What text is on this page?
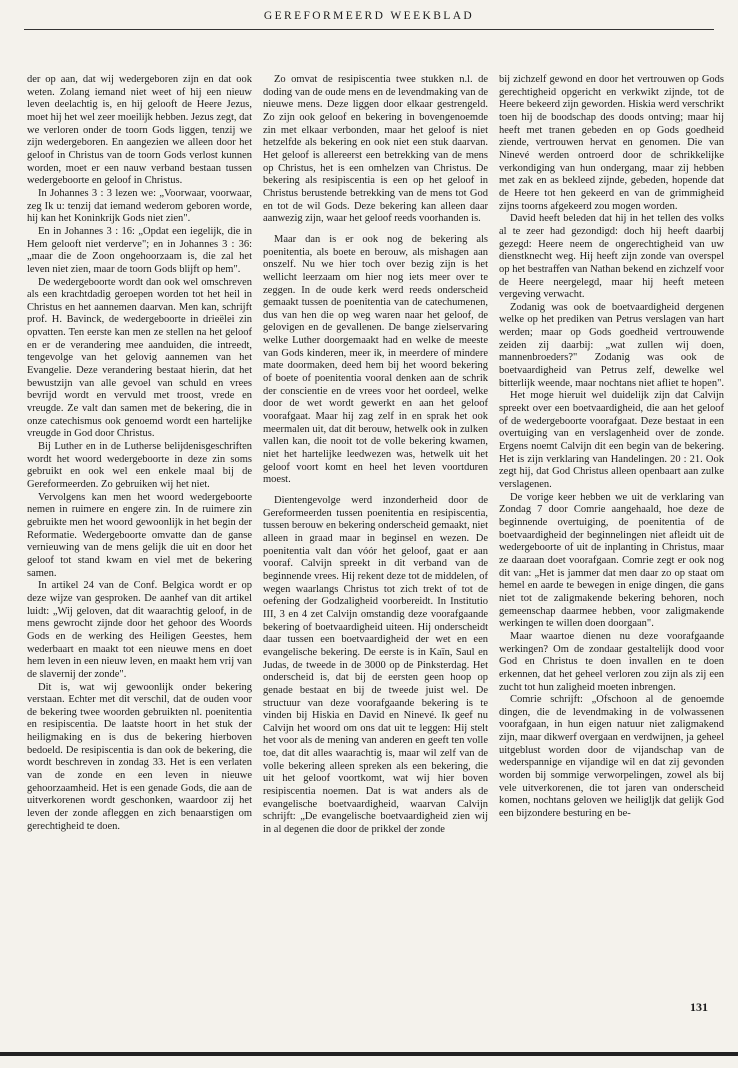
GEREFORMEERD WEEKBLAD

der op aan, dat wij wedergeboren zijn en dat ook weten. Zolang iemand niet weet of hij een nieuw leven deelachtig is, en hij gelooft de Heere Jezus, moet hij het wel zeer moeilijk hebben. Jezus zegt, dat we verloren onder de toorn Gods liggen, tenzij we zijn wedergeboren. En aangezien we alleen door het geloof in Christus van de toorn Gods verlost kunnen worden, moet er een nauw verband bestaan tussen wedergeboorte en geloof in Christus.

In Johannes 3 : 3 lezen we: „Voorwaar, voorwaar, zeg Ik u: tenzij dat iemand wederom geboren worde, hij kan het Koninkrijk Gods niet zien".

En in Johannes 3 : 16: „Opdat een iegelijk, die in Hem gelooft niet verderve"; en in Johannes 3 : 36: „maar die de Zoon ongehoorzaam is, die zal het leven niet zien, maar de toorn Gods blijft op hem".

De wedergeboorte wordt dan ook wel omschreven als een krachtdadig geroepen worden tot het heil in Christus en het aannemen daarvan. Men kan, schrijft prof. H. Bavinck, de wedergeboorte in drieëlei zin opvatten. Ten eerste kan men ze stellen na het geloof en er de verandering mee aanduiden, die intreedt, tengevolge van het gelovig aannemen van het Evangelie. Deze verandering bestaat hierin, dat het bewustzijn van alle gevoel van schuld en vrees bevrijd wordt en vervuld met troost, vrede en vreugde. Ze valt dan samen met de bekering, die in onze catechismus ook genoemd wordt een hartelijke vreugde in God door Christus.

Bij Luther en in de Lutherse belijdenisgeschriften wordt het woord wedergeboorte in deze zin soms gebruikt en ook wel een enkele maal bij de Gereformeerden. Zo gebruiken wij het niet.

Vervolgens kan men het woord wedergeboorte nemen in ruimere en engere zin. In de ruimere zin gebruikte men het woord gewoonlijk in het begin der Reformatie. Wedergeboorte omvatte dan de ganse vernieuwing van de mens gelijk die uit en door het geloof tot stand kwam en viel met de bekering samen.

In artikel 24 van de Conf. Belgica wordt er op deze wijze van gesproken. De aanhef van dit artikel luidt: „Wij geloven, dat dit waarachtig geloof, in de mens gewrocht zijnde door het gehoor des Woords Gods en de werking des Heiligen Geestes, hem wederbaart en maakt tot een nieuwe mens en doet hem leven in een nieuw leven, en maakt hem vrij van de slavernij der zonde".

Dit is, wat wij gewoonlijk onder bekering verstaan. Echter met dit verschil, dat de ouden voor de bekering twee woorden gebruikten nl. poenitentia en resipiscentia. De laatste hoort in het stuk der heiligmaking en is dus de bekering hierboven bedoeld. De resipiscentia is dan ook de bekering, die wordt beschreven in zondag 33. Het is een verlaten van de zonde en een leven in nieuwe gehoorzaamheid. Het is een genade Gods, die aan de uitverkorenen wordt geschonken, waardoor zij het leven der zonde afleggen en zich benaarstigen om gerechtigheid te doen.

Zo omvat de resipiscentia twee stukken n.l. de doding van de oude mens en de levendmaking van de nieuwe mens. Deze liggen door elkaar gestrengeld. Zo zijn ook geloof en bekering in bovengenoemde zin met elkaar verbonden, maar het geloof is niet hetzelfde als bekering en ook niet een stuk daarvan. Het geloof is allereerst een betrekking van de mens op Christus, het is een omhelzen van Christus. De bekering als resipiscentia is een op het geloof in Christus berustende betrekking van de mens tot God en tot de wil Gods. Deze bekering kan alleen daar aanwezig zijn, waar het geloof reeds voorhanden is.

Maar dan is er ook nog de bekering als poenitentia, als boete en berouw, als mishagen aan onszelf. Nu we hier toch over bezig zijn is het wellicht leerzaam om hier nog iets meer over te zeggen. In de oude kerk werd reeds onderscheid gemaakt tussen de poenitentia van de catechumenen, dus van hen die op weg waren naar het geloof, de gelovigen en de gevallenen. De bange zielservaring welke Luther doorgemaakt had en welke de meeste van Gods kinderen, meer ik, in meerdere of mindere mate doormaken, deed hem bij het woord bekering of boete of poenitentia vooral denken aan de schrik der conscientie en de vrees voor het oordeel, welke door de wet wordt gewerkt en aan het geloof voorafgaat. Maar hij zag zelf in en sprak het ook meermalen uit, dat dit berouw, hetwelk ook in zulken vallen kan, die nooit tot de volle bekering kwamen, niet het hartelijke leedwezen was, hetwelk uit het geloof voort komt en heel het leven voortduren moest.

Dientengevolge werd inzonderheid door de Gereformeerden tussen poenitentia en resipiscentia, tussen berouw en bekering onderscheid gemaakt, niet alleen in graad maar in beginsel en wezen. De poenitentia valt dan vóór het geloof, gaat er aan vooraf. Calvijn spreekt in dit verband van de beginnende vrees. Hij rekent deze tot de middelen, of wegen waarlangs Christus tot zich trekt of tot de oefening der Godzaligheid voorbereidt. In Institutio III, 3 en 4 zet Calvijn omstandig deze voorafgaande bekering of boetvaardigheid uiteen. Hij onderscheidt daar tussen een boetvaardigheid der wet en een evangelische bekering. De eerste is in Kaïn, Saul en Judas, de tweede in de 3000 op de Pinksterdag. Het onderscheid is, dat bij de eersten geen hoop op genade bestaat en bij de tweede juist wel. De structuur van deze voorafgaande bekering is te vinden bij Hiskia en David en Ninevé. Ik geef nu Calvijn het woord om ons dat uit te leggen: Hij stelt het voor als de mening van anderen en geeft ten volle toe, dat dit alles waarachtig is, maar wil zelf van de volle bekering alleen spreken als een bekering, die uit het geloof voortkomt, wat wij hier boven resipiscentia noemen. Dat is wat anders als de evangelische boetvaardigheid, waarvan Calvijn schrijft: „De evangelische boetvaardigheid zien wij in al degenen die door de prikkel der zonde

bij zichzelf gewond en door het vertrouwen op Gods gerechtigheid opgericht en verkwikt zijnde, tot de Heere bekeerd zijn geworden. Hiskia werd verschrikt toen hij de boodschap des doods ontving; maar hij heeft met tranen gebeden en op Gods goedheid ziende, vertrouwen hervat en genomen. Die van Ninevé werden ontroerd door de schrikkelijke verkondiging van hun ondergang, maar zij hebben met zak en as bekleed zijnde, gebeden, hopende dat de Heere tot hen gekeerd en van de grimmigheid zijns toorns afgekeerd zou mogen worden.

David heeft beleden dat hij in het tellen des volks al te zeer had gezondigd: doch hij heeft daarbij gezegd: Heere neem de ongerechtigheid van uw dienstknecht weg. Hij heeft zijn zonde van overspel op het bestraffen van Nathan bekend en zichzelf voor de Heere neergelegd, maar hij heeft meteen vergeving verwacht.

Zodanig was ook de boetvaardigheid dergenen welke op het prediken van Petrus verslagen van hart werden; maar op Gods goedheid vertrouwende zeiden zij daarbij: „wat zullen wij doen, mannenbroeders?" Zodanig was ook de boetvaardigheid van Petrus zelf, dewelke wel bitterlijk weende, maar nochtans niet afliet te hopen".

Het moge hieruit wel duidelijk zijn dat Calvijn spreekt over een boetvaardigheid, die aan het geloof of de wedergeboorte voorafgaat. Deze bestaat in een overtuiging van en verslagenheid over de zonde. Ergens noemt Calvijn dit een begin van de bekering. Het is zijn verklaring van Handelingen. 20 : 21. Ook zegt hij, dat God Christus alleen openbaart aan zulke verslagenen.

De vorige keer hebben we uit de verklaring van Zondag 7 door Comrie aangehaald, hoe deze de beginnende overtuiging, de poenitentia of de boetvaardigheid der beginnelingen niet afleidt uit de wedergeboorte of uit de inplanting in Christus, maar ze daaraan doet voorafgaan. Comrie zegt er ook nog dit van: „Het is jammer dat men daar zo op staat om hemel en aarde te bewegen in enige dingen, die gans niet tot de zaligmakende bekering behoren, noch gemeenschap daarmee hebben, voor zaligmakende werkingen te willen doen doorgaan".

Maar waartoe dienen nu deze voorafgaande werkingen? Om de zondaar gestaltelijk dood voor God en Christus te doen invallen en te doen erkennen, dat het geheel verloren zou zijn als zij een zucht tot hun zaligheid moeten inbrengen.

Comrie schrijft: „Ofschoon al de genoemde dingen, die de levendmaking in de volwassenen voorafgaan, in hun eigen natuur niet zaligmakend zijn, maar dikwerf overgaan en verdwijnen, ja geheel uitgeblust worden door de vijandschap van de wederspannige en vijandige wil en dat zij gevonden worden bij sommige verworpelingen, zowel als bij vele uitverkorenen, die tot jaren van onderscheid komen, nochtans geloven we heiligljk dat gelijk God een bijzondere besturing en be-

131
